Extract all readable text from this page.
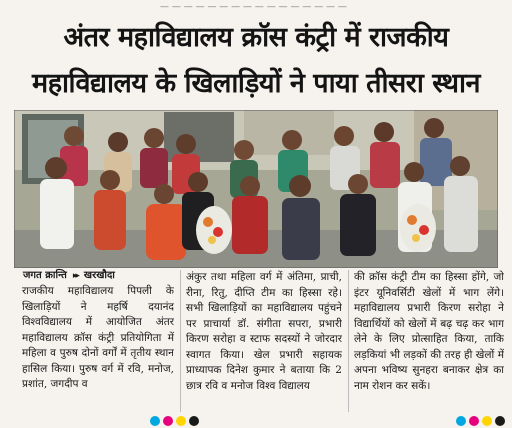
— — — — — — — — — — — — — — — —
अंतर महाविद्यालय क्रॉस कंट्री में राजकीय
महाविद्यालय के खिलाड़ियों ने पाया तीसरा स्थान
जगत क्रान्ति ▸▸ खरखौदा
राजकीय महाविद्यालय पिपली के खिलाड़ियों ने महर्षि दयानंद विश्वविद्यालय में आयोजित अंतर महाविद्यालय क्रॉस कंट्री प्रतियोगिता में महिला व पुरुष दोनों वर्गों में तृतीय स्थान हासिल किया। पुरुष वर्ग में रवि, मनोज, प्रशांत, जगदीप व
अंकुर तथा महिला वर्ग में अंतिमा, प्राची, रीना, रितु, दीप्ति टीम का हिस्सा रहे। सभी खिलाड़ियों का महाविद्यालय पहुंचने पर प्राचार्या डॉ. संगीता सपरा, प्रभारी किरण सरोहा व स्टाफ सदस्यों ने जोरदार स्वागत किया। खेल प्रभारी सहायक प्राध्यापक दिनेश कुमार ने बताया कि 2 छात्र रवि व मनोज विश्व विद्यालय
की क्रॉस कंट्री टीम का हिस्सा होंगे, जो इंटर यूनिवर्सिटी खेलों में भाग लेंगे। महाविद्यालय प्रभारी किरण सरोहा ने विद्यार्थियों को खेलों में बढ़ चढ़ कर भाग लेने के लिए प्रोत्साहित किया, ताकि लड़कियां भी लड़कों की तरह ही खेलों में अपना भविष्य सुनहरा बनाकर क्षेत्र का नाम रोशन कर सकें।
